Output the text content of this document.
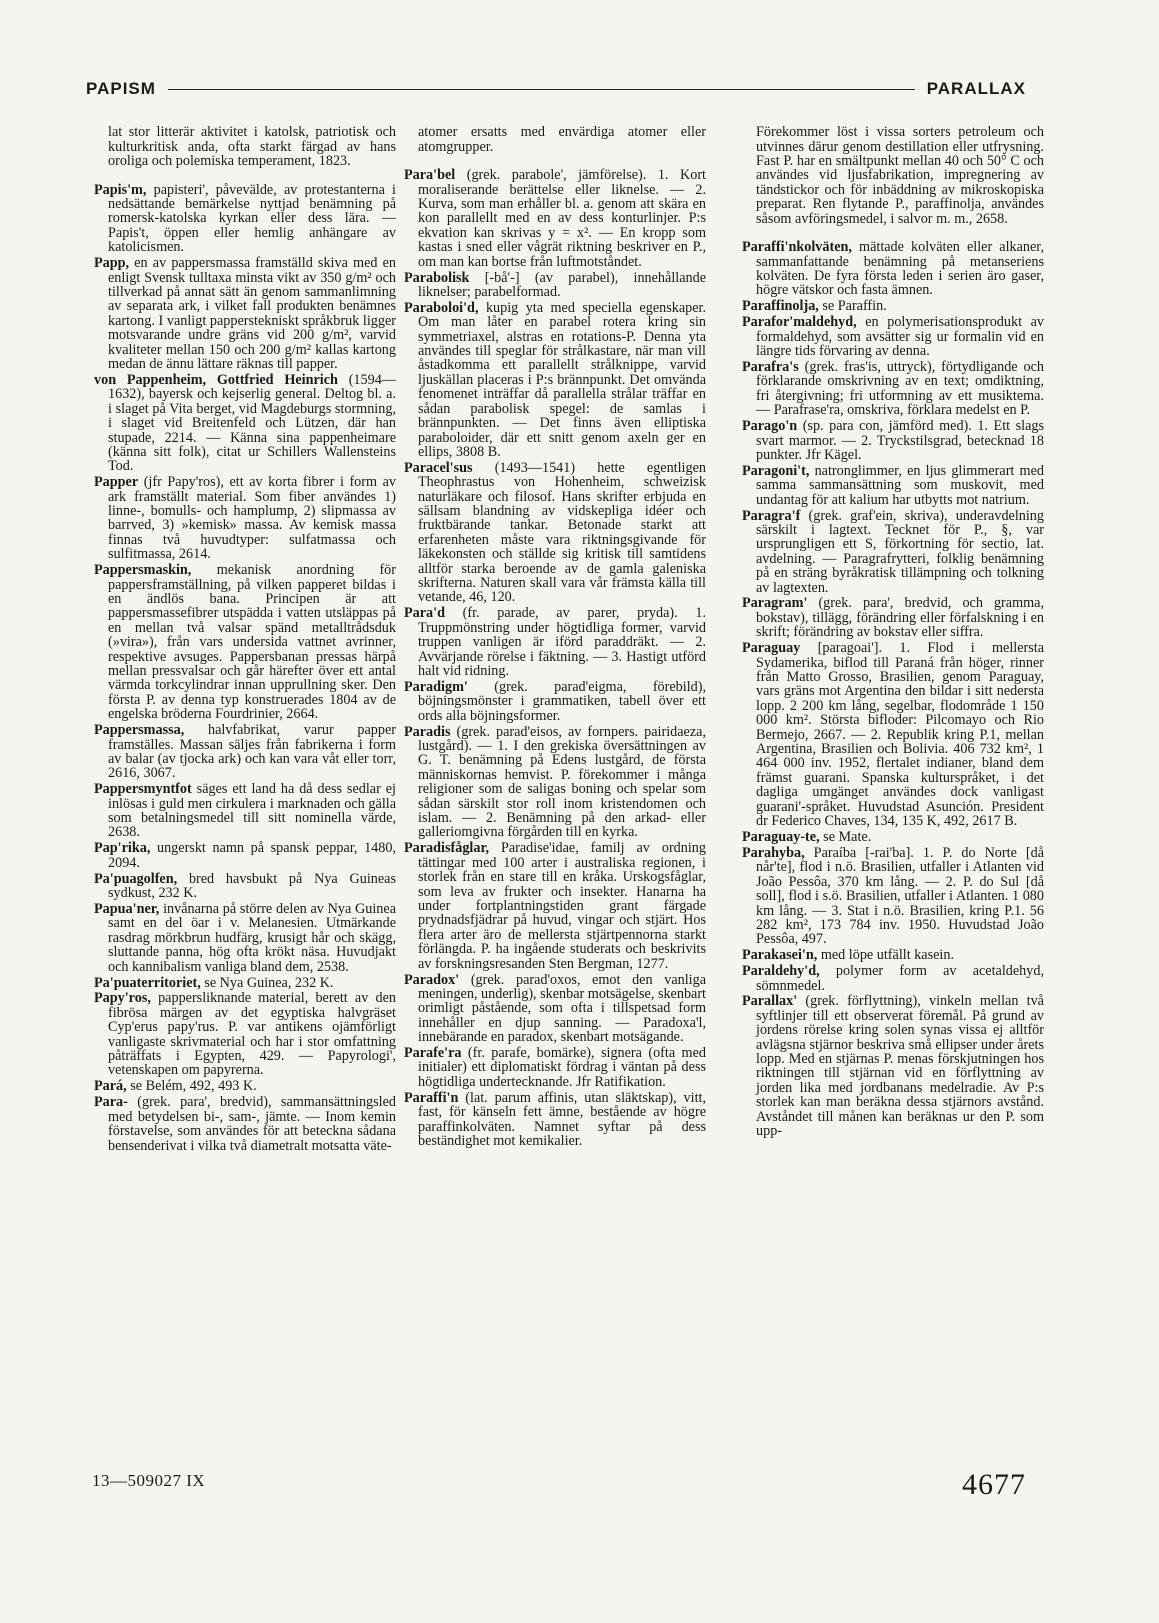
PAPISM	PARALLAX

lat stor litterär aktivitet i katolsk, patriotisk och kulturkritisk anda, ofta starkt färgad av hans oroliga och polemiska temperament, 1823.

Papis'm, papisteri', påvevälde, av protestanterna i nedsättande bemärkelse nyttjad benämning på romersk-katolska kyrkan eller dess lära. — Papis't, öppen eller hemlig anhängare av katolicismen.

Papp, en av pappersmassa framställd skiva med en enligt Svensk tulltaxa minsta vikt av 350 g/m² och tillverkad på annat sätt än genom sammanlimning av separata ark, i vilket fall produkten benämnes kartong. I vanligt papperstekniskt språkbruk ligger motsvarande undre gräns vid 200 g/m², varvid kvaliteter mellan 150 och 200 g/m² kallas kartong medan de ännu lättare räknas till papper.

von Pappenheim, Gottfried Heinrich (1594—1632), bayersk och kejserlig general. Deltog bl. a. i slaget på Vita berget, vid Magdeburgs stormning, i slaget vid Breitenfeld och Lützen, där han stupade, 2214. — Känna sina pappenheimare (känna sitt folk), citat ur Schillers Wallensteins Tod.

Papper (jfr Papy'ros), ett av korta fibrer i form av ark framställt material. Som fiber användes 1) linne-, bomulls- och hamplump, 2) slipmassa av barrved, 3) »kemisk» massa. Av kemisk massa finnas två huvudtyper: sulfatmassa och sulfitmassa, 2614.

Pappersmaskin, mekanisk anordning för pappersframställning, på vilken papperet bildas i en ändlös bana. Principen är att pappersmassefibrer utspädda i vatten utsläppas på en mellan två valsar spänd metalltrådsduk (»vira»), från vars undersida vattnet avrinner, respektive avsuges. Pappersbanan pressas härpå mellan pressvalsar och går härefter över ett antal värmda torkcylindrar innan upprullning sker. Den första P. av denna typ konstruerades 1804 av de engelska bröderna Fourdrinier, 2664.

Pappersmassa, halvfabrikat, varur papper framställes. Massan säljes från fabrikerna i form av balar (av tjocka ark) och kan vara våt eller torr, 2616, 3067.

Pappersmyntfot säges ett land ha då dess sedlar ej inlösas i guld men cirkulera i marknaden och gälla som betalningsmedel till sitt nominella värde, 2638.

Pap'rika, ungerskt namn på spansk peppar, 1480, 2094.

Pa'puagolfen, bred havsbukt på Nya Guineas sydkust, 232 K.

Papua'ner, invånarna på större delen av Nya Guinea samt en del öar i v. Melanesien. Utmärkande rasdrag mörkbrun hudfärg, krusigt hår och skägg, sluttande panna, hög ofta krökt näsa. Huvudjakt och kannibalism vanliga bland dem, 2538.

Pa'puaterritoriet, se Nya Guinea, 232 K.

Papy'ros, pappersliknande material, berett av den fibrösa märgen av det egyptiska halvgräset Cyp'erus papy'rus. P. var antikens ojämförligt vanligaste skrivmaterial och har i stor omfattning påträffats i Egypten, 429. — Papyrologi', vetenskapen om papyrerna.

Pará, se Belém, 492, 493 K.

Para- (grek. para', bredvid), sammansättningsled med betydelsen bi-, sam-, jämte. — Inom kemin förstavelse, som användes för att beteckna sådana bensenderivat i vilka två diametralt motsatta väte-

atomer ersatts med envärdiga atomer eller atomgrupper.

Para'bel (grek. parabole', jämförelse). 1. Kort moraliserande berättelse eller liknelse. — 2. Kurva, som man erhåller bl. a. genom att skära en kon parallellt med en av dess konturlinjer. P:s ekvation kan skrivas y = x². — En kropp som kastas i sned eller vågrät riktning beskriver en P., om man kan bortse från luftmotståndet.

Parabolisk [-bå'-] (av parabel), innehållande liknelser; parabelformad.

Paraboloi'd, kupig yta med speciella egenskaper. Om man låter en parabel rotera kring sin symmetriaxel, alstras en rotations-P. Denna yta användes till speglar för strålkastare, när man vill åstadkomma ett parallellt strålknippe, varvid ljuskällan placeras i P:s brännpunkt. Det omvända fenomenet inträffar då parallella strålar träffar en sådan parabolisk spegel: de samlas i brännpunkten. — Det finns även elliptiska paraboloider, där ett snitt genom axeln ger en ellips, 3808 B.

Paracel'sus (1493—1541) hette egentligen Theophrastus von Hohenheim, schweizisk naturläkare och filosof. Hans skrifter erbjuda en sällsam blandning av vidskepliga idéer och fruktbärande tankar. Betonade starkt att erfarenheten måste vara riktningsgivande för läkekonsten och ställde sig kritisk till samtidens alltför starka beroende av de gamla galeniska skrifterna. Naturen skall vara vår främsta källa till vetande, 46, 120.

Para'd (fr. parade, av parer, pryda). 1. Truppmönstring under högtidliga former, varvid truppen vanligen är iförd paraddräkt. — 2. Avvärjande rörelse i fäktning. — 3. Hastigt utförd halt vid ridning.

Paradigm' (grek. parad'eigma, förebild), böjningsmönster i grammatiken, tabell över ett ords alla böjningsformer.

Paradis (grek. parad'eisos, av fornpers. pairidaeza, lustgård). — 1. I den grekiska översättningen av G. T. benämning på Edens lustgård, de första människornas hemvist. P. förekommer i många religioner som de saligas boning och spelar som sådan särskilt stor roll inom kristendomen och islam. — 2. Benämning på den arkad- eller galleriomgivna förgården till en kyrka.

Paradisfåglar, Paradise'idae, familj av ordning tättingar med 100 arter i australiska regionen, i storlek från en stare till en kråka. Urskogsfåglar, som leva av frukter och insekter. Hanarna ha under fortplantningstiden grant färgade prydnadsfjädrar på huvud, vingar och stjärt. Hos flera arter äro de mellersta stjärtpennorna starkt förlängda. P. ha ingående studerats och beskrivits av forskningsresanden Sten Bergman, 1277.

Paradox' (grek. parad'oxos, emot den vanliga meningen, underlig), skenbar motsägelse, skenbart orimligt påstående, som ofta i tillspetsad form innehåller en djup sanning. — Paradoxa'l, innebärande en paradox, skenbart motsägande.

Parafe'ra (fr. parafe, bomärke), signera (ofta med initialer) ett diplomatiskt fördrag i väntan på dess högtidliga undertecknande. Jfr Ratifikation.

Paraffi'n (lat. parum affinis, utan släktskap), vitt, fast, för känseln fett ämne, bestående av högre paraffinkolväten. Namnet syftar på dess beständighet mot kemikalier.

Förekommer löst i vissa sorters petroleum och utvinnes därur genom destillation eller utfrysning. Fast P. har en smältpunkt mellan 40 och 50° C och användes vid ljusfabrikation, impregnering av tändstickor och för inbäddning av mikroskopiska preparat. Ren flytande P., paraffinolja, användes såsom avföringsmedel, i salvor m. m., 2658.

Paraffi'nkolväten, mättade kolväten eller alkaner, sammanfattande benämning på metanseriens kolväten. De fyra första leden i serien äro gaser, högre vätskor och fasta ämnen.

Paraffinolja, se Paraffin.

Parafor'maldehyd, en polymerisationsprodukt av formaldehyd, som avsätter sig ur formalin vid en längre tids förvaring av denna.

Parafra's (grek. fras'is, uttryck), förtydligande och förklarande omskrivning av en text; omdiktning, fri återgivning; fri utformning av ett musiktema. — Parafrase'ra, omskriva, förklara medelst en P.

Parago'n (sp. para con, jämförd med). 1. Ett slags svart marmor. — 2. Tryckstilsgrad, betecknad 18 punkter. Jfr Kägel.

Paragoni't, natronglimmer, en ljus glimmerart med samma sammansättning som muskovit, med undantag för att kalium har utbytts mot natrium.

Paragra'f (grek. graf'ein, skriva), underavdelning särskilt i lagtext. Tecknet för P., §, var ursprungligen ett S, förkortning för sectio, lat. avdelning. — Paragrafrytteri, folklig benämning på en sträng byråkratisk tillämpning och tolkning av lagtexten.

Paragram' (grek. para', bredvid, och gramma, bokstav), tillägg, förändring eller förfalskning i en skrift; förändring av bokstav eller siffra.

Paraguay [paragoai']. 1. Flod i mellersta Sydamerika, biflod till Paraná från höger, rinner från Matto Grosso, Brasilien, genom Paraguay, vars gräns mot Argentina den bildar i sitt nedersta lopp. 2 200 km lång, segelbar, flodområde 1 150 000 km². Största bifloder: Pilcomayo och Rio Bermejo, 2667. — 2. Republik kring P.1, mellan Argentina, Brasilien och Bolivia. 406 732 km², 1 464 000 inv. 1952, flertalet indianer, bland dem främst guarani. Spanska kulturspråket, i det dagliga umgänget användes dock vanligast guarani'-språket. Huvudstad Asunción. President dr Federico Chaves, 134, 135 K, 492, 2617 B.

Paraguay-te, se Mate.

Parahyba, Paraíba [-rai'ba]. 1. P. do Norte [då når'te], flod i n.ö. Brasilien, utfaller i Atlanten vid João Pessôa, 370 km lång. — 2. P. do Sul [då soll], flod i s.ö. Brasilien, utfaller i Atlanten. 1 080 km lång. — 3. Stat i n.ö. Brasilien, kring P.1. 56 282 km², 173 784 inv. 1950. Huvudstad João Pessôa, 497.

Parakasei'n, med löpe utfällt kasein.

Paraldehy'd, polymer form av acetaldehyd, sömnmedel.

Parallax' (grek. förflyttning), vinkeln mellan två syftlinjer till ett observerat föremål. På grund av jordens rörelse kring solen synas vissa ej alltför avlägsna stjärnor beskriva små ellipser under årets lopp. Med en stjärnas P. menas förskjutningen hos riktningen till stjärnan vid en förflyttning av jorden lika med jordbanans medelradie. Av P:s storlek kan man beräkna dessa stjärnors avstånd. Avståndet till månen kan beräknas ur den P. som upp-

13—509027 IX	4677
